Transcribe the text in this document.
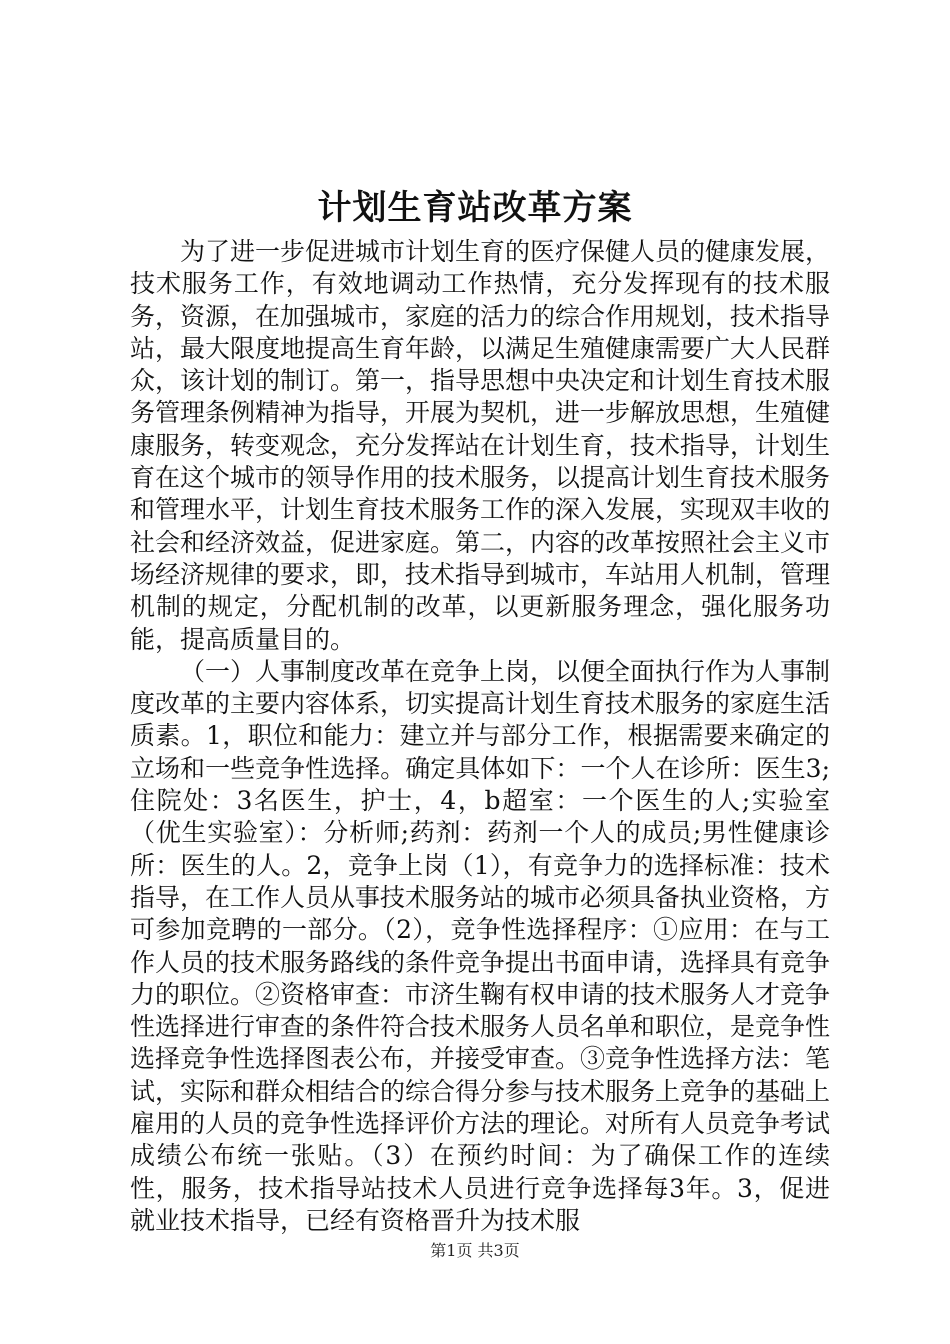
计划生育站改革方案

为了进一步促进城市计划生育的医疗保健人员的健康发展，技术服务工作，有效地调动工作热情，充分发挥现有的技术服务，资源，在加强城市，家庭的活力的综合作用规划，技术指导站，最大限度地提高生育年龄，以满足生殖健康需要广大人民群众，该计划的制订。第一，指导思想中央决定和计划生育技术服务管理条例精神为指导，开展为契机，进一步解放思想，生殖健康服务，转变观念，充分发挥站在计划生育，技术指导，计划生育在这个城市的领导作用的技术服务，以提高计划生育技术服务和管理水平，计划生育技术服务工作的深入发展，实现双丰收的社会和经济效益，促进家庭。第二，内容的改革按照社会主义市场经济规律的要求，即，技术指导到城市，车站用人机制，管理机制的规定，分配机制的改革，以更新服务理念，强化服务功能，提高质量目的。

（一）人事制度改革在竞争上岗，以便全面执行作为人事制度改革的主要内容体系，切实提高计划生育技术服务的家庭生活质素。1，职位和能力：建立并与部分工作，根据需要来确定的立场和一些竞争性选择。确定具体如下：一个人在诊所：医生3;住院处：3名医生，护士，4，b超室：一个医生的人;实验室（优生实验室）：分析师;药剂：药剂一个人的成员;男性健康诊所：医生的人。2，竞争上岗（1），有竞争力的选择标准：技术指导，在工作人员从事技术服务站的城市必须具备执业资格，方可参加竞聘的一部分。（2），竞争性选择程序：①应用：在与工作人员的技术服务路线的条件竞争提出书面申请，选择具有竞争力的职位。②资格审查：市济生鞠有权申请的技术服务人才竞争性选择进行审查的条件符合技术服务人员名单和职位，是竞争性选择竞争性选择图表公布，并接受审查。③竞争性选择方法：笔试，实际和群众相结合的综合得分参与技术服务上竞争的基础上雇用的人员的竞争性选择评价方法的理论。对所有人员竞争考试成绩公布统一张贴。（3）在预约时间：为了确保工作的连续性，服务，技术指导站技术人员进行竞争选择每3年。3，促进就业技术指导，已经有资格晋升为技术服

第1页 共3页
